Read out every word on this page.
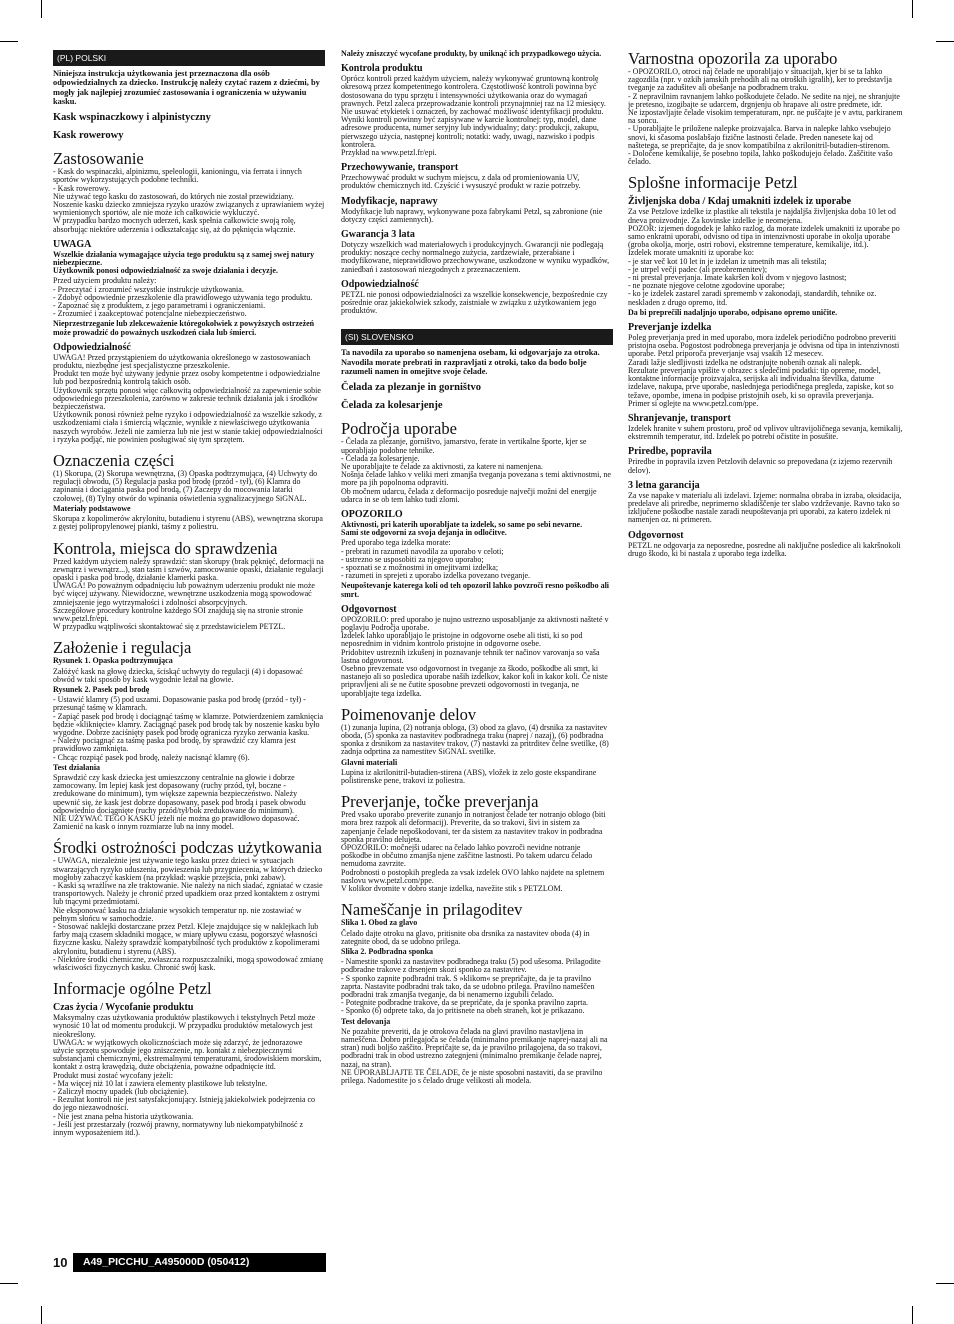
(PL) POLSKI
Niniejsza instrukcja użytkowania jest przeznaczona dla osób odpowiedzialnych za dziecko. Instrukcję należy czytać razem z dziećmi, by mogły jak najlepiej zrozumieć zastosowania i ograniczenia w używaniu kasku.
Kask wspinaczkowy i alpinistyczny
Kask rowerowy
Zastosowanie
- Kask do wspinaczki, alpinizmu, speleologii, kanioningu, via ferrata i innych sportów wykorzystujących podobne techniki.
- Kask rowerowy.
Nie używać tego kasku do zastosowań, do których nie został przewidziany.
Noszenie kasku dziecko zmniejsza ryzyko urazów związanych z uprawianiem wyżej wymienionych sportów, ale nie może ich całkowicie wykluczyć.
W przypadku bardzo mocnych uderzeń, kask spełnia całkowicie swoją rolę, absorbując niektóre uderzenia i odkształcając się, aż do pęknięcia włącznie.
UWAGA
Wszelkie działania wymagające użycia tego produktu są z samej swej natury niebezpieczne.
Użytkownik ponosi odpowiedzialność za swoje działania i decyzje.
Przed użyciem produktu należy:
- Przeczytać i zrozumieć wszystkie instrukcje użytkowania.
- Zdobyć odpowiednie przeszkolenie dla prawidłowego używania tego produktu.
- Zapoznać się z produktem, z jego parametrami i ograniczeniami.
- Zrozumieć i zaakceptować potencjalne niebezpieczeństwo.
Nieprzestrzeganie lub zlekceważenie któregokolwiek z powyższych ostrzeżeń może prowadzić do poważnych uszkodzeń ciała lub śmierci.
Odpowiedzialność
UWAGA! Przed przystąpieniem do użytkowania określonego w zastosowaniach produktu, niezbędne jest specjalistyczne przeszkolenie.
Produkt ten może być używany jedynie przez osoby kompetentne i odpowiedzialne lub pod bezpośrednią kontrolą takich osób.
Użytkownik sprzętu ponosi więc całkowitą odpowiedzialność za zapewnienie sobie odpowiedniego przeszkolenia, zarówno w zakresie technik działania jak i środków bezpieczeństwa.
Użytkownik ponosi również pełne ryzyko i odpowiedzialność za wszelkie szkody, z uszkodzeniami ciała i śmiercią włącznie, wynikłe z niewłaściwego użytkowania naszych wyrobów. Jeżeli nie zamierza lub nie jest w stanie takiej odpowiedzialności i ryzyka podjąć, nie powinien posługiwać się tym sprzętem.
Oznaczenia części
(1) Skorupa, (2) Skorupa wewnętrzna, (3) Opaska podtrzymująca, (4) Uchwyty do regulacji obwodu, (5) Regulacja paska pod brodę (przód - tył), (6) Klamra do zapinania i dociągania paska pod brodą, (7) Zaczepy do mocowania latarki czołowej, (8) Tylny otwór do wpinania oświetlenia sygnalizacyjnego SiGNAL.
Materiały podstawowe
Skorupa z kopolimerów akrylonitu, butadienu i styrenu (ABS), wewnętrzna skorupa z gęstej polipropylenowej pianki, taśmy z poliestru.
Kontrola, miejsca do sprawdzenia
Przed każdym użyciem należy sprawdzić: stan skorupy (brak pęknięć, deformacji na zewnątrz i wewnątrz...), stan taśm i szwów, zamocowanie opaski, działanie regulacji opaski i paska pod brodę, działanie klamerki paska.
UWAGA! Po poważnym odpadnięciu lub poważnym uderzeniu produkt nie może być więcej używany. Niewidoczne, wewnętrzne uszkodzenia mogą spowodować zmniejszenie jego wytrzymałości i zdolności absorpcyjnych.
Szczegółowe procedury kontrolne każdego SOI znajdują się na stronie stronie www.petzl.fr/epi.
W przypadku wątpliwości skontaktować się z przedstawicielem PETZL.
Założenie i regulacja
Rysunek 1. Opaska podtrzymująca
Załóżyć kask na głowę dziecka, ściskąć uchwyty do regulacji (4) i dopasować obwód w taki sposób by kask wygodnie leżał na głowie.
Rysunek 2. Pasek pod brodę
- Ustawić klamry (5) pod uszami. Dopasowanie paska pod brodę (przód - tył) - przesunąć taśmę w klamrach.
- Zapiąć pasek pod brodę i dociągnąć taśmę w klamrze. Potwierdzeniem zamknięcia będzie «kliknięcie» klamry. Zaciągnąć pasek pod brodę tak by noszenie kasku było wygodne. Dobrze zaciśnięty pasek pod brodę ogranicza ryzyko zerwania kasku.
- Należy pociągnąć za taśmę paska pod brodę, by sprawdzić czy klamra jest prawidłowo zamknięta.
- Chcąc rozpiąć pasek pod brodę, należy nacisnąć klamrę (6).
Test działania
Sprawdzić czy kask dziecka jest umieszczony centralnie na głowie i dobrze zamocowany. Im lepiej kask jest dopasowany (ruchy przód, tył, boczne - zredukowane do minimum), tym większe zapewnia bezpieczeństwo. Należy upewnić się, że kask jest dobrze dopasowany, pasek pod brodą i pasek obwodu odpowiednio dociągnięte (ruchy przód/tył/bok zredukowane do minimum).
NIE UŻYWAĆ TEGO KASKU jeżeli nie można go prawidłowo dopasować. Zamienić na kask o innym rozmiarze lub na inny model.
Środki ostrożności podczas użytkowania
- UWAGA, niezależnie jest używanie tego kasku przez dzieci w sytuacjach stwarzających ryzyko uduszenia, powieszenia lub przygniecenia, w których dziecko mogłoby zahaczyć kaskiem (na przykład: wąskie przejścia, pnki zabaw).
- Kaski są wrażliwe na złe traktowanie. Nie należy na nich siadać, zgniatać w czasie transportowych. Należy je chronić przed upadkiem oraz przed kontaktem z ostrymi lub tnącymi przedmiotami.
Nie eksponować kasku na działanie wysokich temperatur np. nie zostawiać w pełnym słońcu w samochodzie.
- Stosować naklejki dostarczane przez Petzl. Kleje znajdujące się w naklejkach lub farby mają czasem składniki mogące, w miarę upływu czasu, pogorszyć własności fizyczne kasku. Należy sprawdzić kompatybilność tych produktów z kopolimerami akrylonitu, butadienu i styrenu (ABS).
- Niektóre środki chemiczne, zwłaszcza rozpuszczalniki, mogą spowodować zmianę właściwości fizycznych kasku. Chronić swój kask.
Informacje ogólne Petzl
Czas życia / Wycofanie produktu
Maksymalny czas użytkowania produktów plastikowych i tekstylnych Petzl może wynosić 10 lat od momentu produkcji. W przypadku produktów metalowych jest nieokreślony.
UWAGA: w wyjątkowych okolicznościach może się zdarzyć, że jednorazowe użycie sprzętu spowoduje jego zniszczenie, np. kontakt z niebezpiecznymi substancjami chemicznymi, ekstremalnymi temperaturami, środowiskiem morskim, kontakt z ostrą krawędzią, duże obciążenia, poważne odpadnięcie itd.
Produkt musi zostać wycofany jeżeli:
- Ma więcej niż 10 lat i zawiera elementy plastikowe lub tekstylne.
- Zaliczył mocny upadek (lub obciążenie).
- Rezultat kontroli nie jest satysfakcjonujący. Istnieją jakiekolwiek podejrzenia co do jego niezawodności.
- Nie jest znana pełna historia użytkowania.
- Jeśli jest przestarzały (rozwój prawny, normatywny lub niekompatybilność z innym wyposażeniem itd.).
Należy zniszczyć wycofane produkty, by uniknąć ich przypadkowego użycia.
Kontrola produktu
Oprócz kontroli przed każdym użyciem, należy wykonywać gruntowną kontrolę okresową przez kompetentnego kontrolera. Częstotliwość kontroli powinna być dostosowana do typu sprzętu i intensywności użytkowania oraz do wymagań prawnych. Petzl zaleca przeprowadzanie kontroli przynajmniej raz na 12 miesięcy. Nie usuwać etykietek i oznaczeń, by zachować możliwość identyfikacji produktu.
Wyniki kontroli powinny być zapisywane w karcie kontrolnej: typ, model, dane adresowe producenta, numer seryjny lub indywidualny; daty: produkcji, zakupu, pierwszego użycia, następnej kontroli; notatki: wady, uwagi, nazwisko i podpis kontrolera.
Przykład na www.petzl.fr/epi.
Przechowywanie, transport
Przechowywać produkt w suchym miejscu, z dala od promieniowania UV, produktów chemicznych itd. Czyścić i wysuszyć produkt w razie potrzeby.
Modyfikacje, naprawy
Modyfikacje lub naprawy, wykonywane poza fabrykami Petzl, są zabronione (nie dotyczy części zamiennych).
Gwarancja 3 lata
Dotyczy wszelkich wad materiałowych i produkcyjnych. Gwarancji nie podlegają produkty: noszące cechy normalnego zużycia, zardzewiałe, przerabiane i modyfikowane, nieprawidłowo przechowywane, uszkodzone w wyniku wypadków, zaniedbań i zastosowań niezgodnych z przeznaczeniem.
Odpowiedzialność
PETZL nie ponosi odpowiedzialności za wszelkie konsekwencje, bezpośrednie czy pośrednie oraz jakiekolwiek szkody, zaistniałe w związku z użytkowaniem jego produktów.
(SI) SLOVENSKO
Ta navodila za uporabo so namenjena osebam, ki odgovarjajo za otroka. Navodila morate prebrati in razpravljati z otroki, tako da bodo bolje razumeli namen in omejitve svoje čelade.
Čelada za plezanje in gorništvo
Čelada za kolesarjenje
Področja uporabe
- Čelada za plezanje, gorništvo, jamarstvo, ferate in vertikalne športe, kjer se uporabljajo podobne tehnike.
- Čelada za kolesarjenje.
Ne uporabljajte te čelade za aktivnosti, za katere ni namenjena.
Nošnja čelade lahko v veliki meri zmanjša tveganja povezana s temi aktivnostmi, ne more pa jih popolnoma odpraviti.
Ob močnem udarcu, čelada z deformacijo posreduje največji možni del energije udarca in se ob tem lahko tudi zlomi.
OPOZORILO
Aktivnosti, pri katerih uporabljate ta izdelek, so same po sebi nevarne.
Sami ste odgovorni za svoja dejanja in odločitve.
Pred uporabo tega izdelka morate:
- prebrati in razumeti navodila za uporabo v celoti;
- ustrezno se usposobiti za njegovo uporabo;
- spoznati se z možnostmi in omejitvami izdelka;
- razumeti in sprejeti z uporabo izdelka povezano tveganje.
Neupoštevanje katerega koli od teh opozoril lahko povzroči resno poškodbo ali smrt.
Odgovornost
OPOZORILO: pred uporabo je nujno ustrezno usposabljanje za aktivnosti našteté v poglavju Področja uporabe.
Izdelek lahko uporabljajo le pristojne in odgovorne osebe ali tisti, ki so pod neposrednim in vidnim kontrolo pristojne in odgovorne osebe.
Pridobitev ustreznih izkušenj in poznavanje tehnik ter načinov varovanja so vaša lastna odgovornost.
Osebno prevzemate vso odgovornost in tveganje za škodo, poškodbe ali smrt, ki nastanejo ali so posledica uporabe naših izdelkov, kakor koli in kakor koli. Če niste pripravljeni ali se ne čutite sposobne prevzeti odgovornosti in tveganja, ne uporabljajte tega izdelka.
Poimenovanje delov
(1) zunanja lupina, (2) notranja obloga, (3) obod za glavo, (4) drsnika za nastavitev oboda, (5) sponka za nastavitev podbradnega traku (naprej / nazaj), (6) podbradna sponka z drsnikom za nastavitev trakov, (7) nastavki za pritrditev čelne svetilke, (8) zadnja odprtina za namestitev SiGNAL svetilke.
Glavni materiali
Lupina iz akrilonitril-butadien-stirena (ABS), vložek iz zelo goste ekspandirane polistirenske pene, trakovi iz poliestra.
Preverjanje, točke preverjanja
Pred vsako uporabo preverite zunanjo in notranjost čelade ter notranjo oblogo (biti mora brez razpok ali deformacij). Preverite, da so trakovi, šivi in sistem za zapenjanje čelade nepoškodovani, ter da sistem za nastavitev trakov in podbradna sponka pravilno delujeta.
OPOZORILO: močnejši udarec na čelado lahko povzroči nevidne notranje poškodbe in občutno zmanjša njene zaščitne lastnosti. Po takem udarcu čelado nemudoma zavrzite.
Podrobnosti o postopkih pregleda za vsak izdelek OVO lahko najdete na spletnem naslovu www.petzl.com/ppe.
V kolikor dvomite v dobro stanje izdelka, navežite stik s PETZLOM.
Nameščanje in prilagoditev
Slika 1. Obod za glavo
Čelado dajte otroku na glavo, pritisnite oba drsnika za nastavitev oboda (4) in zategnite obod, da se udobno prilega.
Slika 2. Podbradna sponka
- Namestite sponki za nastavitev podbradnega traku (5) pod ušesoma. Prilagodite podbradne trakove z drsenjem skozi sponko za nastavitev.
- S sponko zapnite podbradni trak. S »klikom« se prepričajte, da je ta pravilno zaprta. Nastavite podbradni trak tako, da se udobno prilega. Pravilno nameščen podbradni trak zmanjša tveganje, da bi nenamerno izgubili čelado.
- Potegnite podbradne trakove, da se prepričate, da je sponka pravilno zaprta.
- Sponko (6) odprete tako, da jo pritisnete na obeh straneh, kot je prikazano.
Test delovanja
Ne pozabite preveriti, da je otrokova čelada na glavi pravilno nastavljena in nameščena. Dobro prilegajoča se čelada (minimalno premikanje naprej-nazaj ali na stran) nudi boljšo zaščito. Prepričajte se, da je pravilno prilagojena, da so trakovi, podbradni trak in obod ustrezno zategnjeni (minimalno premikanje čelade naprej, nazaj, na stran).
NE UPORABLJAJTE TE ČELADE, če je niste sposobni nastaviti, da se pravilno prilega. Nadomestite jo s čelado druge velikosti ali modela.
Varnostna opozorila za uporabo
- OPOZORILO, otroci naj čelade ne uporabljajo v situacijah, kjer bi se ta lahko zagozdila (npr. v ozkih jamskih prehodih ali na otroških igralih), ker to predstavlja tveganje za zadušitev ali obešanje na podbradnem traku.
- Z nepravilnim ravnanjem lahko poškodujete čelado. Ne sedite na njej, ne shranjujte je pretesno, izogibajte se udarcem, drgnjenju ob hrapave ali ostre predmete, idr.
Ne izpostavljajte čelade visokim temperaturam, npr. ne puščajte je v avtu, parkiranem na soncu.
- Uporabljajte le priložene nalepke proizvajalca. Barva in nalepke lahko vsebujejo snovi, ki sčasoma poslabšajo fizične lastnosti čelade. Preden nanesete kaj od naštetega, se prepričajte, da je snov kompatibilna z akrilonitril-butadien-stirenom.
- Določene kemikalije, še posebno topila, lahko poškodujejo čelado. Zaščitite vašo čelado.
Splošne informacije Petzl
Življenjska doba / Kdaj umakniti izdelek iz uporabe
Za vse Petzlove izdelke iz plastike ali tekstila je najdaljša življenjska doba 10 let od dneva proizvodnje. Za kovinske izdelke je neomejena.
POZOR: izjemen dogodek je lahko razlog, da morate izdelek umakniti iz uporabe po samo enkratni uporabi, odvisno od tipa in intenzivnosti uporabe in okolja uporabe (groba okolja, morje, ostri robovi, ekstremne temperature, kemikalije, itd.).
Izdelek morate umakniti iz uporabe ko:
- je star več kot 10 let in je izdelan iz umetnih mas ali tekstila;
- je utrpel večji padec (ali preobremenitev);
- ni prestal preverjanja. Imate kakršen koli dvom v njegovo lastnost;
- ne poznate njegove celotne zgodovine uporabe;
- ko je izdelek zastarel zaradi sprememb v zakonodaji, standardih, tehnike oz. neskladen z drugo opremo, itd.
Da bi preprečili nadaljnjo uporabo, odpisano opremo uničite.
Preverjanje izdelka
Poleg preverjanja pred in med uporabo, mora izdelek periodično podrobno preveriti pristojna oseba. Pogostost podrobnega preverjanja je odvisna od tipa in intenzivnosti uporabe. Petzl priporoča preverjanje vsaj vsakih 12 mesecev.
Zaradi lažje sledljivosti izdelka ne odstranjujte nobenih oznak ali nalepk.
Rezultate preverjanja vpišite v obrazec s sledečimi podatki: tip opreme, model, kontaktne informacije proizvajalca, serijska ali individualna številka, datume izdelave, nakupa, prve uporabe, naslednjega periodičnega pregleda, zapiske, kot so težave, opombe, imena in podpise pristojnih oseb, ki so opravila preverjanja.
Primer si oglejte na www.petzl.com/ppe.
Shranjevanje, transport
Izdelek hranite v suhem prostoru, proč od vplivov ultravijoličnega sevanja, kemikalij, ekstremnih temperatur, itd. Izdelek po potrebi očistite in posušite.
Priredbe, popravila
Priredbe in popravila izven Petzlovih delavnic so prepovedana (z izjemo rezervnih delov).
3 letna garancija
Za vse napake v materialu ali izdelavi. Izjeme: normalna obraba in izraba, oksidacija, predelave ali priredbe, neprimerno skladiščenje ter slabo vzdrževanje. Ravno tako so izključene poškodbe nastale zaradi neupoštevanja pri uporabi, za katero izdelek ni namenjen oz. ni primeren.
Odgovornost
PETZL ne odgovarja za neposredne, posredne ali naključne posledice ali kakršnokoli drugo škodo, ki bi nastala z uporabo tega izdelka.
10	A49_PICCHU_A495000D (050412)
